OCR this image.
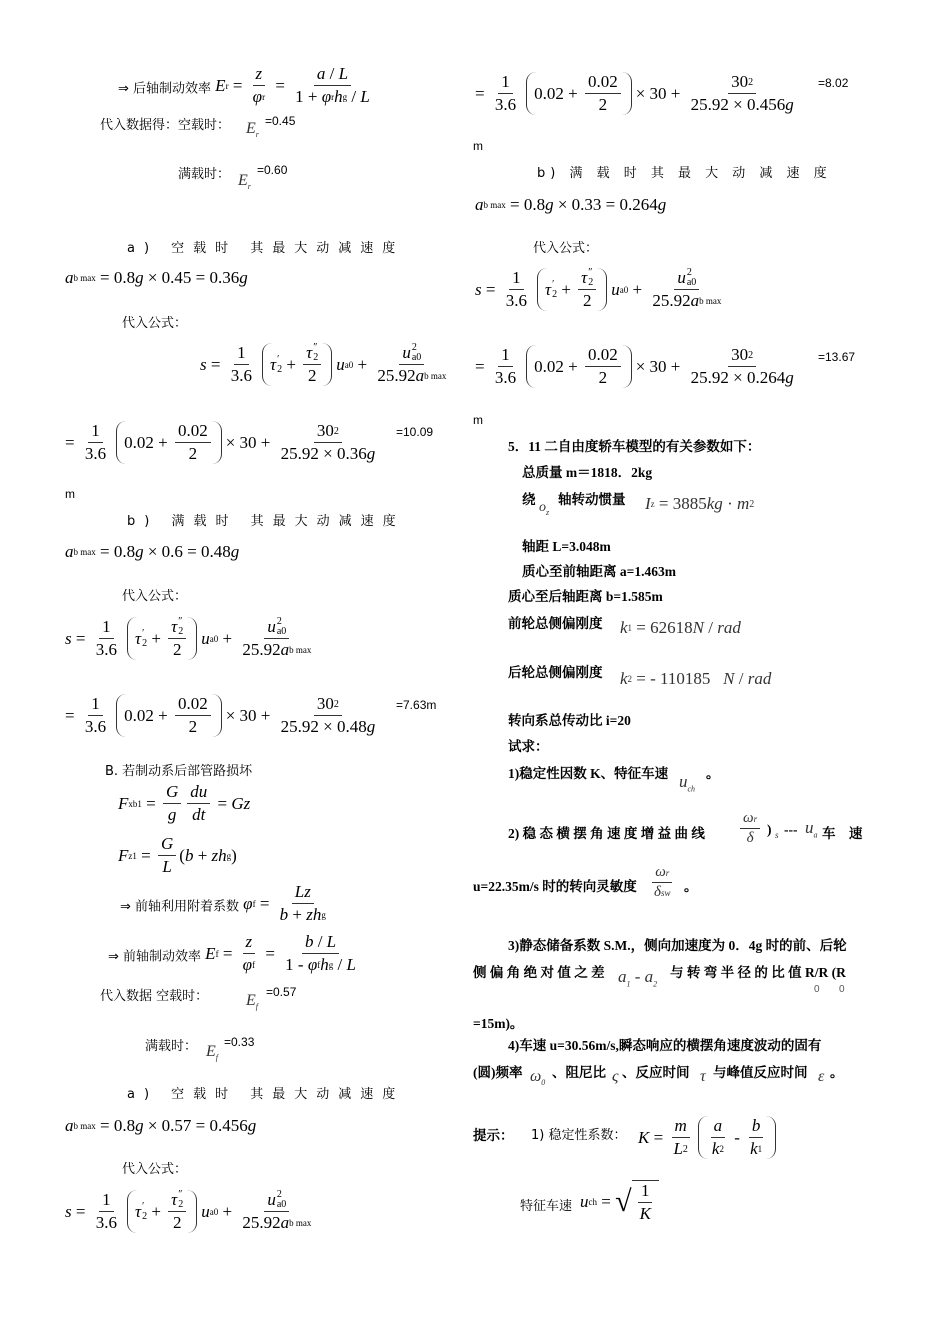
⇒ 后轴制动效率 E $r = \frac{z}{\text{φ r}} = \frac{a / L}{\text{1 + φ r h g / L}}$
代入数据得：空载时： $E_r$
=0.45
满载时： $E_r$
=0.60
a) 空载时 其最大动减速度
a b max = 0.8 g × 0.45 = 0.36 g
代入公式：
$s = \frac{1}{3.6}$ τ ′
2 + τ ″
2
2 u a0 + u 2
a0
25.92 a b max
= $\frac{1}{3.6} 0.02 + \frac{0.02}{2} \times 30 + \frac{30 2}{25.92 \times 0.36 g} =10.09$
m
b) 满载时 其最大动减速度
a b max = 0.8 g × 0.6 = 0.48 g
代入公式：
$s = \frac{1}{3.6}$ τ ′
2 + τ ″
2
2 u a0 + u 2
a0
25.92 a b max
= $\frac{1}{3.6} 0.02 + \frac{0.02}{2} \times 30 + \frac{30 2}{25.92 \times 0.48 g} =7.63m$
B. 若制动系后部管路损坏
F $xb1 = \frac{G}{g} \frac{du}{dt} = Gz$
F $z1 = \frac{G}{L}$ ( b + zh g )
⇒ 前轴利用附着系数 φ $f = \frac{Lz}{\text{b + zh g}}$
⇒ 前轴制动效率 E $f = \frac{z}{\text{φ f}} = \frac{b / L}{\text{1 - φ f h g / L}}$
代入数据 空载时： $E_f$
=0.57
满载时： $E_f$
=0.33
a) 空载时 其最大动减速度
a b max = 0.8 g × 0.57 = 0.456 g
代入公式：
$s = \frac{1}{3.6}$ τ ′
2 + τ ″
2
2 u a0 + u 2
a0
25.92 a b max
= $\frac{1}{3.6} 0.02 + \frac{0.02}{2} \times 30 + \frac{30 2}{25.92 \times 0.456 g} =8.02$
m
b) 满 载 时 其 最 大 动 减 速 度
a b max = 0.8 g × 0.33 = 0.264 g
代入公式：
$s = \frac{1}{3.6}$ τ ′
2 + τ ″
2
2 u a0 + u 2
a0
25.92 a b max
= $\frac{1}{3.6} 0.02 + \frac{0.02}{2} \times 30 + \frac{30 2}{25.92 \times 0.264 g} =13.67$
m
5．11 二自由度轿车模型的有关参数如下：
总质量 m＝1818．2kg
绕
$o_z$
轴转动惯量 I z = 3885 kg · m 2
轴距 L=3.048m
质心至前轴距离 a=1.463m
质心至后轴距离 b=1.585m
前轮总侧偏刚度 k 1 = 62618 N / rad
后轮总侧偏刚度 k 2 = - 110185 N / rad
转向系总传动比 i=20
试求：
1)稳定性因数 K、特征车速 $u_{ch}$
。
2) 稳 态 横 摆 角 速 度 增 益 曲 线 $\frac{\text{ω r}}{\delta}$ ) s --- $u_a$ 车 速
u=22.35m/s 时的转向灵敏度 $\frac{\text{ω r}}{\text{δ sw}}$ 。
3)静态储备系数 S.M.，侧向加速度为 0．4g 时的前、后轮
侧 偏 角 绝 对 值 之 差 $a_1 - a_2$
与 转 弯 半 径 的 比 值 R/R (R
0       0
=15m)。
4)车速 u=30.56m/s,瞬态响应的横摆角速度波动的固有
(圆)频率 $\omega_0$
、阻尼比 ς 、反应时间 τ 与峰值反应时间 ε 。
提示： 1) 稳定性系数： $K = \frac{m}{L 2} \frac{a}{k 2} - \frac{b}{k 1}$
特征车速 u ch = √ $\frac{1}{K}$
